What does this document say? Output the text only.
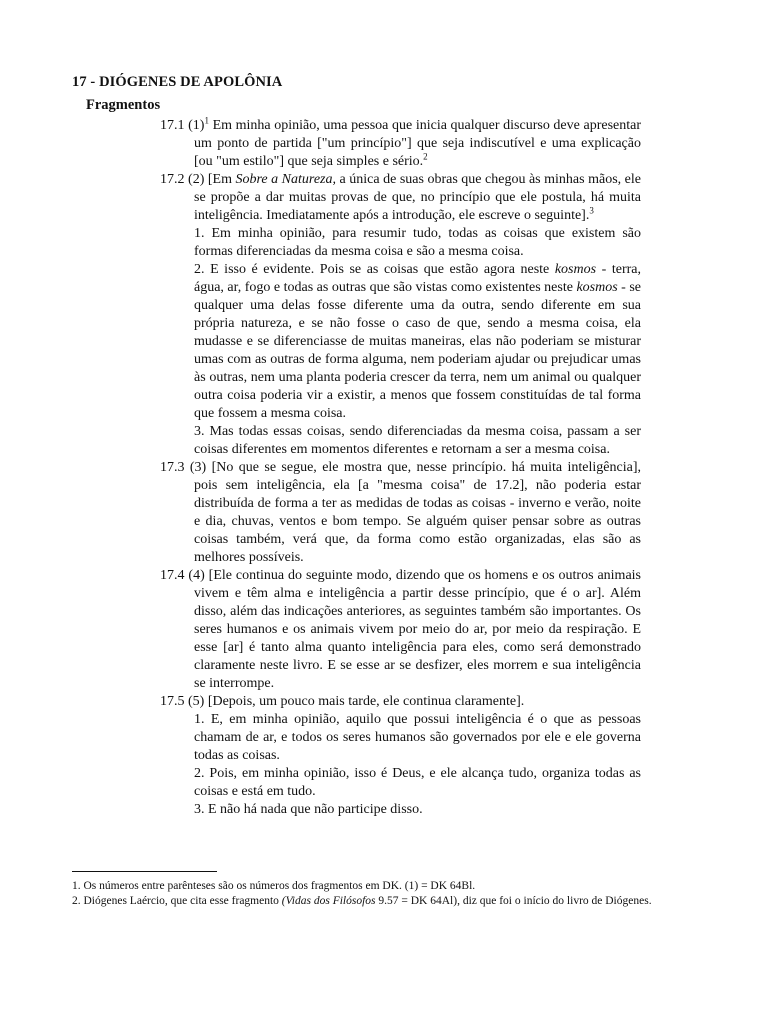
17 - DIÓGENES DE APOLÔNIA
Fragmentos
17.1 $(1)^1$ Em minha opinião, uma pessoa que inicia qualquer discurso deve apresentar um ponto de partida ["um princípio"] que seja indiscutível e uma explicação [ou "um estilo"] que seja simples e sério.$^2$
17.2 (2) [Em Sobre a Natureza, a única de suas obras que chegou às minhas mãos, ele se propõe a dar muitas provas de que, no princípio que ele postula, há muita inteligência. Imediatamente após a introdução, ele escreve o seguinte].$^3$
1. Em minha opinião, para resumir tudo, todas as coisas que existem são formas diferenciadas da mesma coisa e são a mesma coisa.
2. E isso é evidente. Pois se as coisas que estão agora neste kosmos - terra, água, ar, fogo e todas as outras que são vistas como existentes neste kosmos - se qualquer uma delas fosse diferente uma da outra, sendo diferente em sua própria natureza, e se não fosse o caso de que, sendo a mesma coisa, ela mudasse e se diferenciasse de muitas maneiras, elas não poderiam se misturar umas com as outras de forma alguma, nem poderiam ajudar ou prejudicar umas às outras, nem uma planta poderia crescer da terra, nem um animal ou qualquer outra coisa poderia vir a existir, a menos que fossem constituídas de tal forma que fossem a mesma coisa.
3. Mas todas essas coisas, sendo diferenciadas da mesma coisa, passam a ser coisas diferentes em momentos diferentes e retornam a ser a mesma coisa.
17.3 (3) [No que se segue, ele mostra que, nesse princípio. há muita inteligência], pois sem inteligência, ela [a "mesma coisa" de 17.2], não poderia estar distribuída de forma a ter as medidas de todas as coisas - inverno e verão, noite e dia, chuvas, ventos e bom tempo. Se alguém quiser pensar sobre as outras coisas também, verá que, da forma como estão organizadas, elas são as melhores possíveis.
17.4 (4) [Ele continua do seguinte modo, dizendo que os homens e os outros animais vivem e têm alma e inteligência a partir desse princípio, que é o ar]. Além disso, além das indicações anteriores, as seguintes também são importantes. Os seres humanos e os animais vivem por meio do ar, por meio da respiração. E esse [ar] é tanto alma quanto inteligência para eles, como será demonstrado claramente neste livro. E se esse ar se desfizer, eles morrem e sua inteligência se interrompe.
17.5 (5) [Depois, um pouco mais tarde, ele continua claramente].
1. E, em minha opinião, aquilo que possui inteligência é o que as pessoas chamam de ar, e todos os seres humanos são governados por ele e ele governa todas as coisas.
2. Pois, em minha opinião, isso é Deus, e ele alcança tudo, organiza todas as coisas e está em tudo.
3. E não há nada que não participe disso.
1. Os números entre parênteses são os números dos fragmentos em DK. (1) = DK 64Bl.
2. Diógenes Laércio, que cita esse fragmento (Vidas dos Filósofos 9.57 = DK 64Al), diz que foi o início do livro de Diógenes.
